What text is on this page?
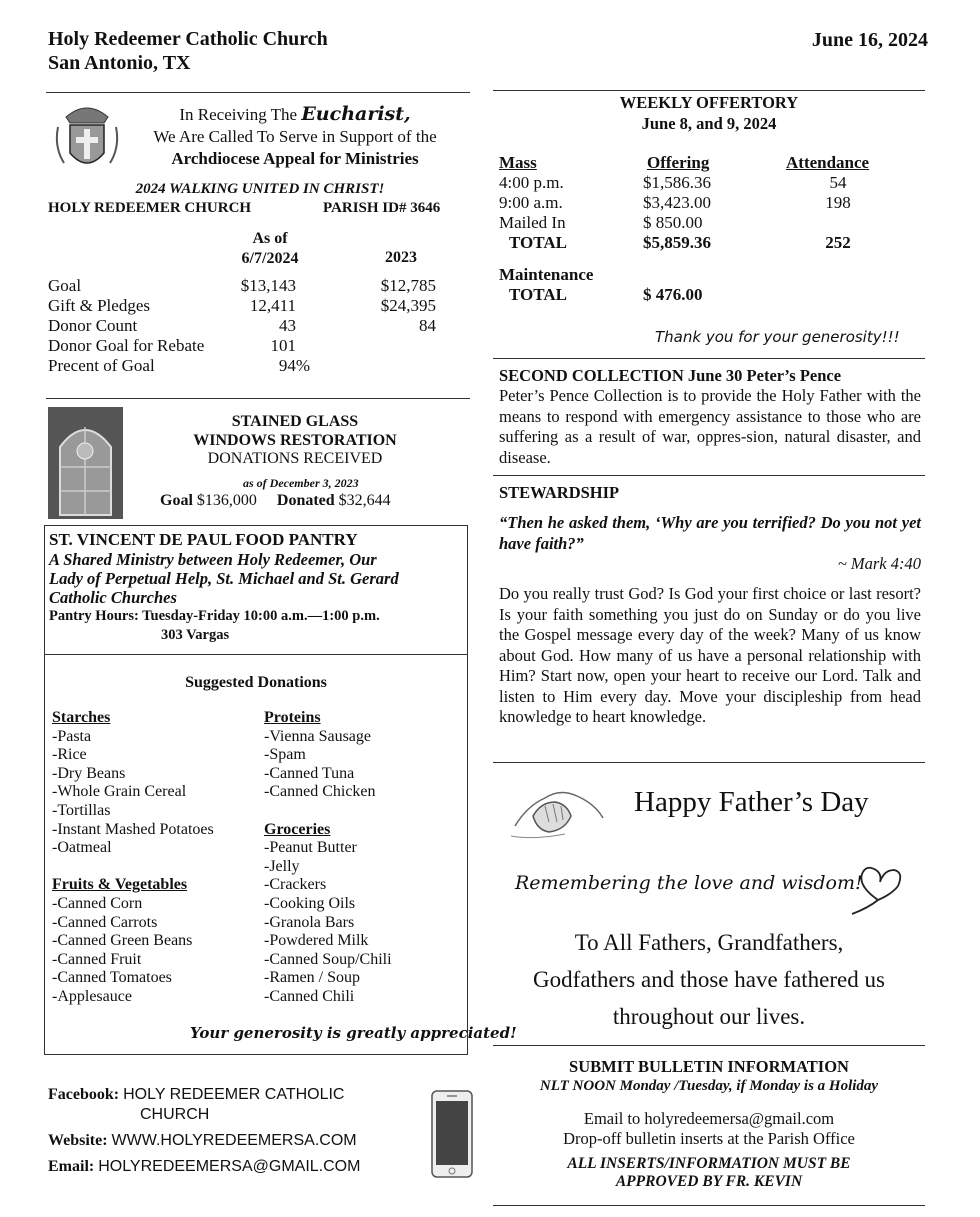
Holy Redeemer Catholic Church
San Antonio, TX
June 16, 2024
In Receiving The Eucharist,
We Are Called To Serve in Support of the
Archdiocese Appeal for Ministries
2024 WALKING UNITED IN CHRIST!
HOLY REDEEMER CHURCH	PARISH ID# 3646
As of
6/7/2024	2023
Goal	$13,143	$12,785
Gift & Pledges	12,411	$24,395
Donor Count	43	84
Donor Goal for Rebate	101
Precent of Goal	94%
STAINED GLASS
WINDOWS RESTORATION
DONATIONS RECEIVED
as of December 3, 2023
Goal $136,000 Donated $32,644
ST. VINCENT DE PAUL FOOD PANTRY
A Shared Ministry between Holy Redeemer, Our
Lady of Perpetual Help, St. Michael and St. Gerard
Catholic Churches
Pantry Hours: Tuesday-Friday 10:00 a.m.—1:00 p.m.
303 Vargas
Suggested Donations
Starches
-Pasta
-Rice
-Dry Beans
-Whole Grain Cereal
-Tortillas
-Instant Mashed Potatoes
-Oatmeal
Fruits & Vegetables
-Canned Corn
-Canned Carrots
-Canned Green Beans
-Canned Fruit
-Canned Tomatoes
-Applesauce
Proteins
-Vienna Sausage
-Spam
-Canned Tuna
-Canned Chicken
Groceries
-Peanut Butter
-Jelly
-Crackers
-Cooking Oils
-Granola Bars
-Powdered Milk
-Canned Soup/Chili
-Ramen / Soup
-Canned Chili
Your generosity is greatly appreciated!
Facebook: HOLY REDEEMER CATHOLIC
CHURCH
Website: WWW.HOLYREDEEMERSA.COM
Email: HOLYREDEEMERSA@GMAIL.COM
WEEKLY OFFERTORY
June 8, and 9, 2024
Mass	Offering	Attendance
4:00 p.m.	$1,586.36	54
9:00 a.m.	$3,423.00	198
Mailed In	$ 850.00
TOTAL	$5,859.36	252
Maintenance
TOTAL	$ 476.00
Thank you for your generosity!!!
SECOND COLLECTION June 30 Peter’s Pence
Peter’s Pence Collection is to provide the Holy Father with the means to respond with emergency assistance to those who are suffering as a result of war, oppres-sion, natural disaster, and disease.
STEWARDSHIP
“Then he asked them, ‘Why are you terrified? Do you not yet have faith?”
~ Mark 4:40
Do you really trust God? Is God your first choice or last resort? Is your faith something you just do on Sunday or do you live the Gospel message every day of the week? Many of us know about God. How many of us have a personal relationship with Him? Start now, open your heart to receive our Lord. Talk and listen to Him every day. Move your discipleship from head knowledge to heart knowledge.
Happy Father’s Day
Remembering the love and wisdom!
To All Fathers, Grandfathers,
Godfathers and those have fathered us
throughout our lives.
SUBMIT BULLETIN INFORMATION
NLT NOON Monday /Tuesday, if Monday is a Holiday
Email to holyredeemersa@gmail.com
Drop-off bulletin inserts at the Parish Office
ALL INSERTS/INFORMATION MUST BE
APPROVED BY FR. KEVIN
